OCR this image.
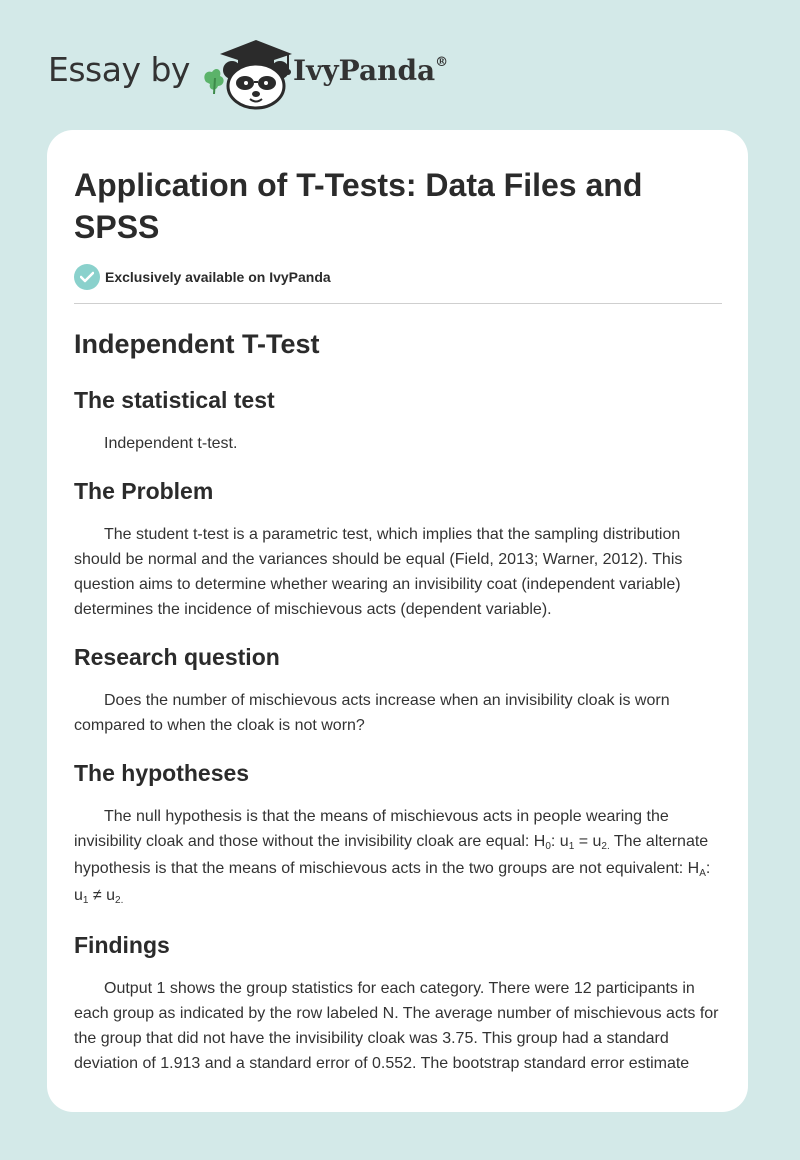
Essay by	IvyPanda®
Application of T-Tests: Data Files and SPSS
Exclusively available on IvyPanda
Independent T-Test
The statistical test

Independent t-test.

The Problem

The student t-test is a parametric test, which implies that the sampling distribution should be normal and the variances should be equal (Field, 2013; Warner, 2012). This question aims to determine whether wearing an invisibility coat (independent variable) determines the incidence of mischievous acts (dependent variable).

Research question

Does the number of mischievous acts increase when an invisibility cloak is worn compared to when the cloak is not worn?

The hypotheses

The null hypothesis is that the means of mischievous acts in people wearing the invisibility cloak and those without the invisibility cloak are equal: H0: u1 = u2. The alternate hypothesis is that the means of mischievous acts in the two groups are not equivalent: HA: u1 ≠ u2.

Findings

Output 1 shows the group statistics for each category. There were 12 participants in each group as indicated by the row labeled N. The average number of mischievous acts for the group that did not have the invisibility cloak was 3.75. This group had a standard deviation of 1.913 and a standard error of 0.552. The bootstrap standard error estimate
